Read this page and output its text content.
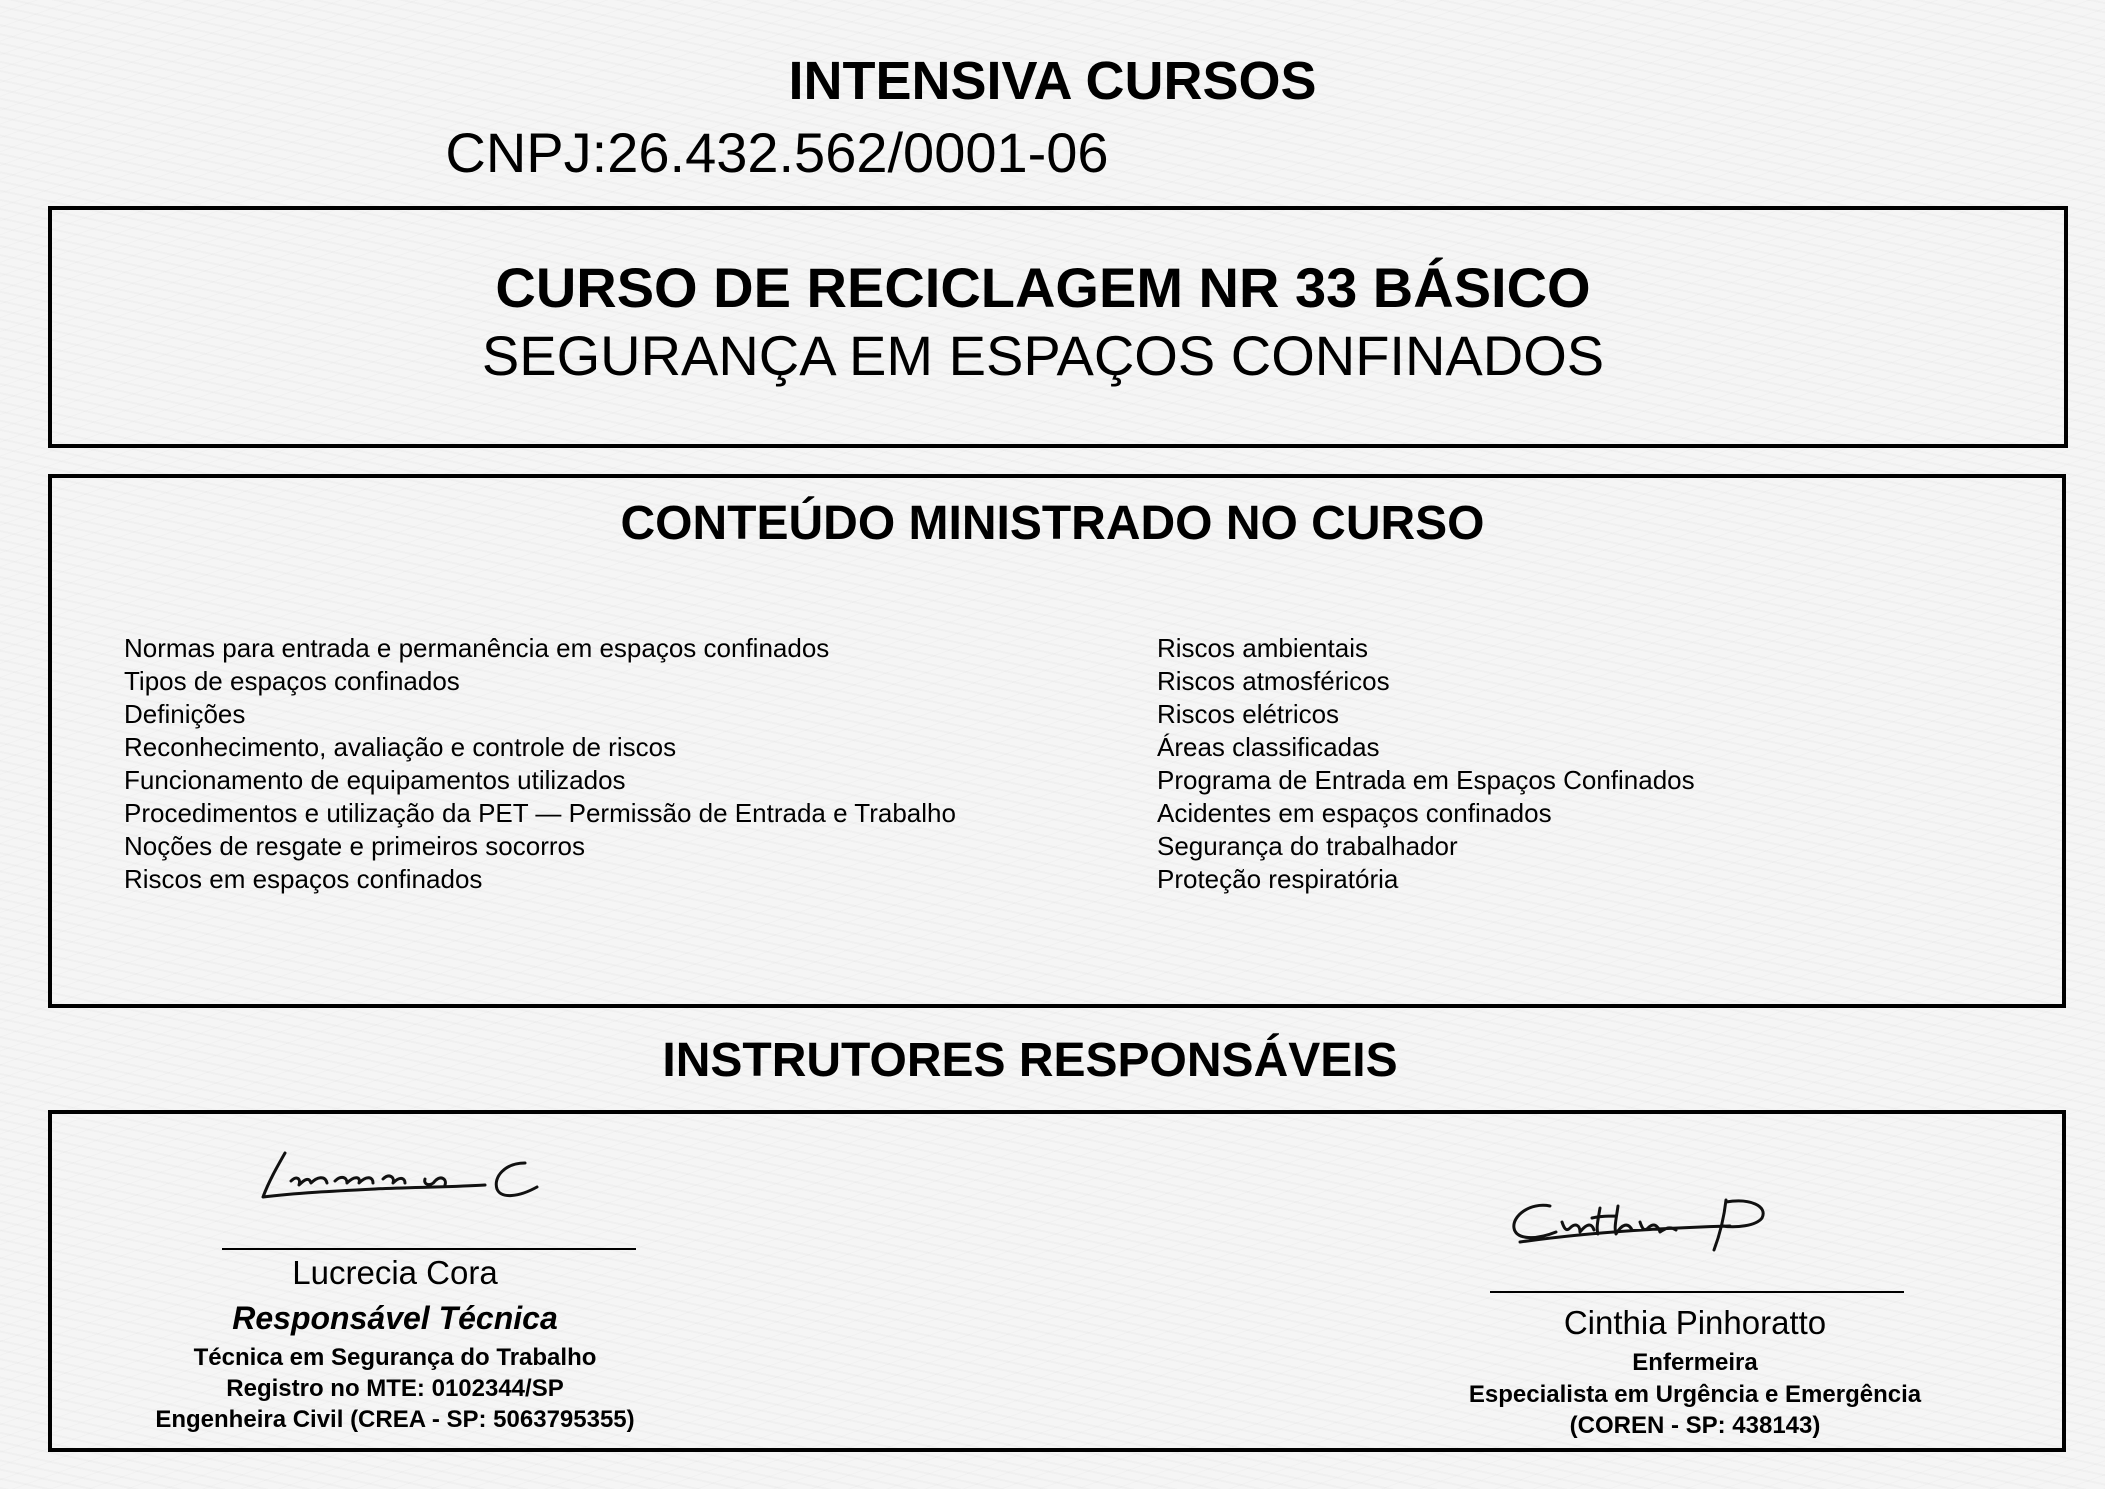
INTENSIVA CURSOS
CNPJ:26.432.562/0001-06
CURSO DE RECICLAGEM NR 33 BÁSICO
SEGURANÇA EM ESPAÇOS CONFINADOS
CONTEÚDO MINISTRADO NO CURSO
Normas para entrada e permanência em espaços confinados
Tipos de espaços confinados
Definições
Reconhecimento, avaliação e controle de riscos
Funcionamento de equipamentos utilizados
Procedimentos e utilização da PET — Permissão de Entrada e Trabalho
Noções de resgate e primeiros socorros
Riscos em espaços confinados
Riscos ambientais
Riscos atmosféricos
Riscos elétricos
Áreas classificadas
Programa de Entrada em Espaços Confinados
Acidentes em espaços confinados
Segurança do trabalhador
Proteção respiratória
INSTRUTORES RESPONSÁVEIS
Lucrecia Cora
Responsável Técnica
Técnica em Segurança do Trabalho
Registro no MTE: 0102344/SP
Engenheira Civil (CREA - SP: 5063795355)
Cinthia Pinhoratto
Enfermeira
Especialista em Urgência e Emergência
(COREN - SP: 438143)
